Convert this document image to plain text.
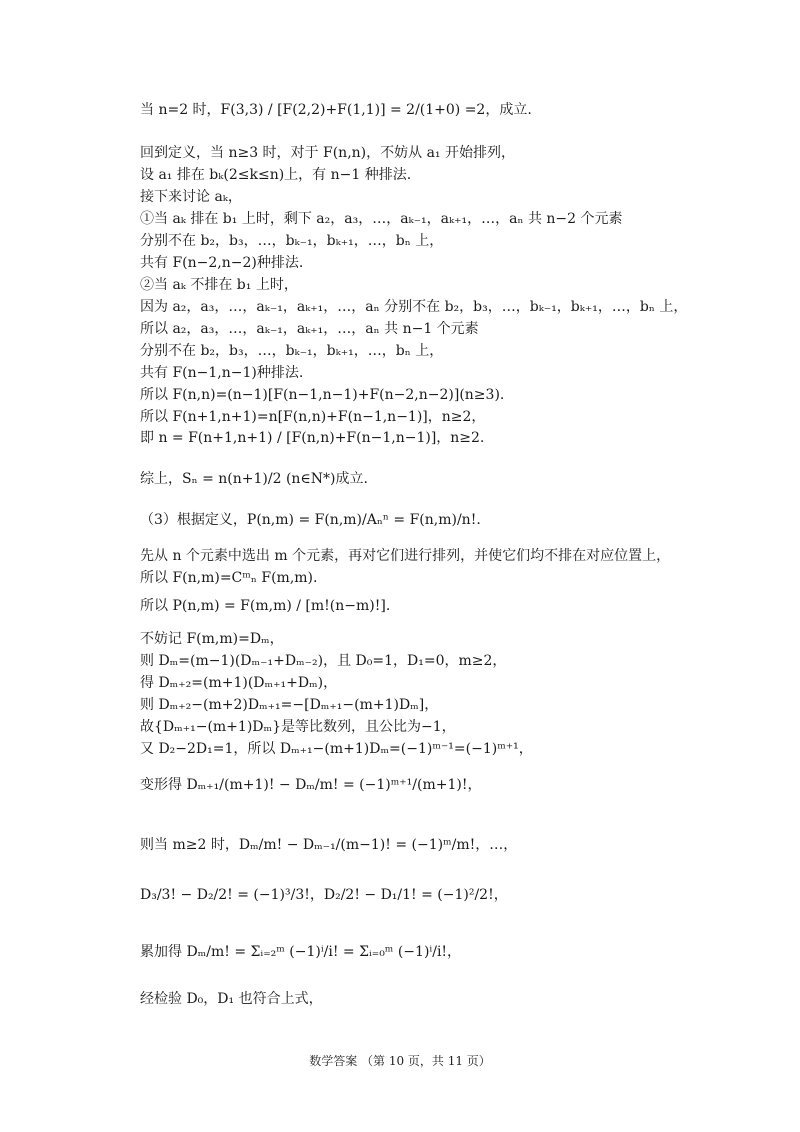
当 n=2 时，F(3,3) / [F(2,2)+F(1,1)] = 2/(1+0) =2，成立.
回到定义，当 n≥3 时，对于 F(n,n)，不妨从 a₁ 开始排列，
设 a₁ 排在 bₖ(2≤k≤n)上，有 n−1 种排法.
接下来讨论 aₖ，
①当 aₖ 排在 b₁ 上时，剩下 a₂，a₃，…，aₖ₋₁，aₖ₊₁，…，aₙ 共 n−2 个元素
分别不在 b₂，b₃，…，bₖ₋₁，bₖ₊₁，…，bₙ 上，
共有 F(n−2,n−2)种排法.
②当 aₖ 不排在 b₁ 上时，
因为 a₂，a₃，…，aₖ₋₁，aₖ₊₁，…，aₙ 分别不在 b₂，b₃，…，bₖ₋₁，bₖ₊₁，…，bₙ 上，
所以 a₂，a₃，…，aₖ₋₁，aₖ₊₁，…，aₙ 共 n−1 个元素
分别不在 b₂，b₃，…，bₖ₋₁，bₖ₊₁，…，bₙ 上，
共有 F(n−1,n−1)种排法.
所以 F(n,n)=(n−1)[F(n−1,n−1)+F(n−2,n−2)](n≥3).
所以 F(n+1,n+1)=n[F(n,n)+F(n−1,n−1)]，n≥2，
即 n = F(n+1,n+1) / [F(n,n)+F(n−1,n−1)]，n≥2.
综上，Sₙ = n(n+1)/2 (n∈N*)成立.
（3）根据定义，P(n,m) = F(n,m)/Aₙⁿ = F(n,m)/n!.
先从 n 个元素中选出 m 个元素，再对它们进行排列，并使它们均不排在对应位置上，
所以 F(n,m)=Cᵐₙ F(m,m).
所以 P(n,m) = F(m,m) / [m!(n−m)!].
不妨记 F(m,m)=Dₘ，
则 Dₘ=(m−1)(Dₘ₋₁+Dₘ₋₂)，且 D₀=1，D₁=0，m≥2，
得 Dₘ₊₂=(m+1)(Dₘ₊₁+Dₘ)，
则 Dₘ₊₂−(m+2)Dₘ₊₁=−[Dₘ₊₁−(m+1)Dₘ]，
故{Dₘ₊₁−(m+1)Dₘ}是等比数列，且公比为−1，
又 D₂−2D₁=1，所以 Dₘ₊₁−(m+1)Dₘ=(−1)ᵐ⁻¹=(−1)ᵐ⁺¹，
变形得 Dₘ₊₁/(m+1)! − Dₘ/m! = (−1)ᵐ⁺¹/(m+1)!，
则当 m≥2 时，Dₘ/m! − Dₘ₋₁/(m−1)! = (−1)ᵐ/m!，…，
D₃/3! − D₂/2! = (−1)³/3!，D₂/2! − D₁/1! = (−1)²/2!，
累加得 Dₘ/m! = Σᵢ₌₂ᵐ (−1)ⁱ/i! = Σᵢ₌₀ᵐ (−1)ⁱ/i!，
经检验 D₀，D₁ 也符合上式，
数学答案 （第 10 页，共 11 页）
